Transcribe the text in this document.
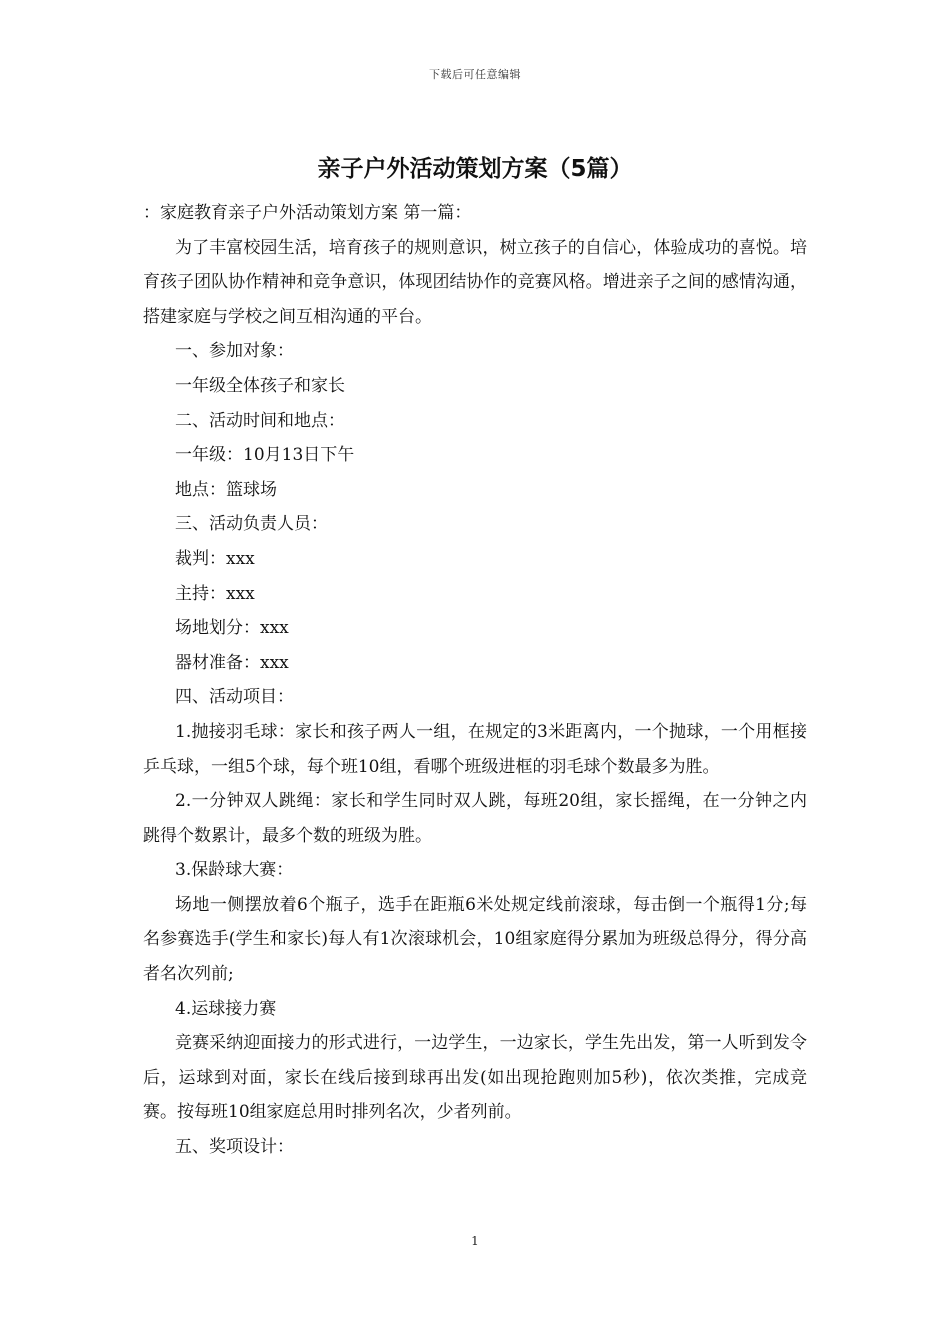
下载后可任意编辑
亲子户外活动策划方案（5篇）

：家庭教育亲子户外活动策划方案 第一篇：

为了丰富校园生活，培育孩子的规则意识，树立孩子的自信心，体验成功的喜悦。培育孩子团队协作精神和竞争意识，体现团结协作的竞赛风格。增进亲子之间的感情沟通，搭建家庭与学校之间互相沟通的平台。

一、参加对象：

一年级全体孩子和家长

二、活动时间和地点：

一年级：10月13日下午

地点：篮球场

三、活动负责人员：

裁判：xxx

主持：xxx

场地划分：xxx

器材准备：xxx

四、活动项目：

1.抛接羽毛球：家长和孩子两人一组，在规定的3米距离内，一个抛球，一个用框接乒乓球，一组5个球，每个班10组，看哪个班级进框的羽毛球个数最多为胜。

2.一分钟双人跳绳：家长和学生同时双人跳，每班20组，家长摇绳，在一分钟之内跳得个数累计，最多个数的班级为胜。

3.保龄球大赛：

场地一侧摆放着6个瓶子，选手在距瓶6米处规定线前滚球，每击倒一个瓶得1分;每名参赛选手(学生和家长)每人有1次滚球机会，10组家庭得分累加为班级总得分，得分高者名次列前;

4.运球接力赛

竞赛采纳迎面接力的形式进行，一边学生，一边家长，学生先出发，第一人听到发令后，运球到对面，家长在线后接到球再出发(如出现抢跑则加5秒)，依次类推，完成竞赛。按每班10组家庭总用时排列名次，少者列前。

五、奖项设计：

1
